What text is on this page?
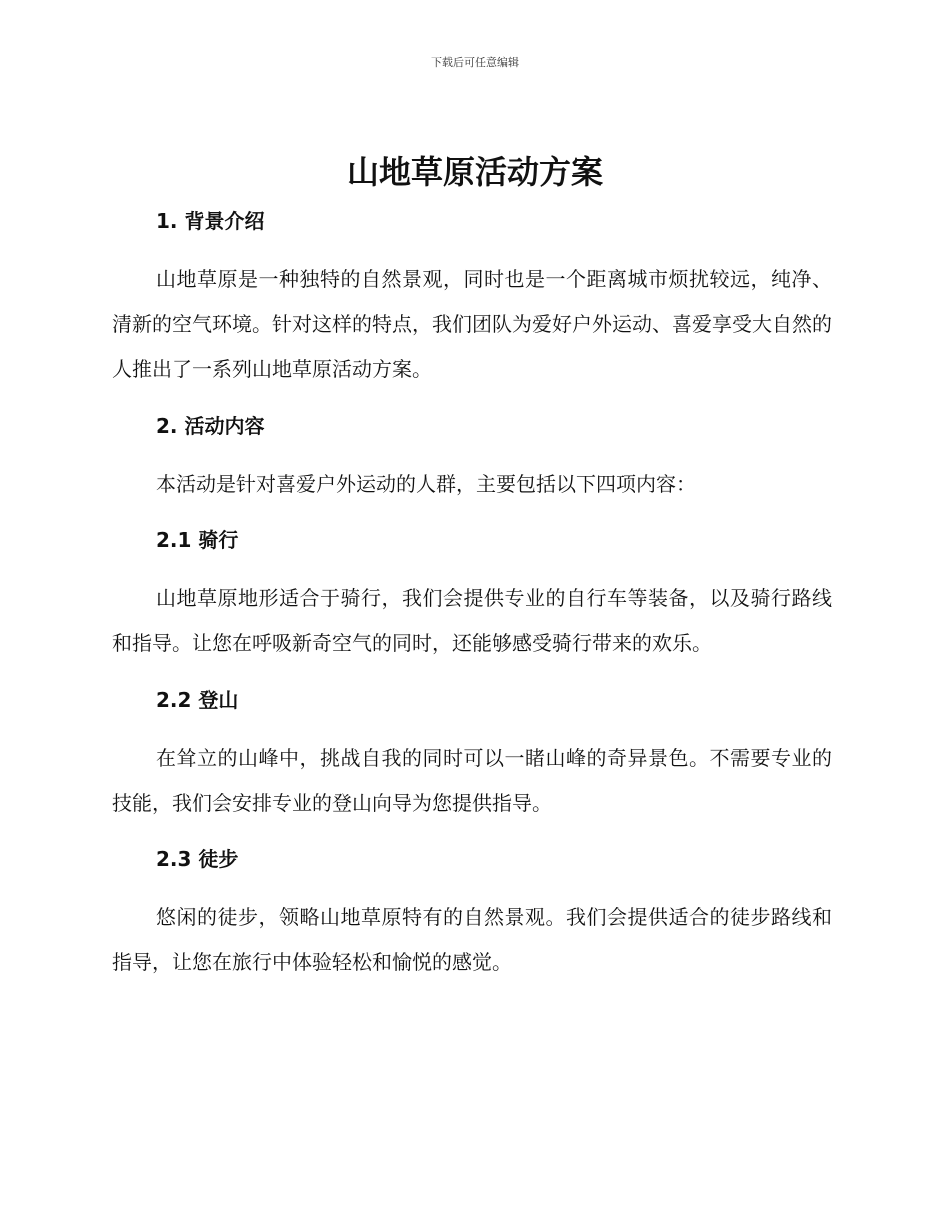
下载后可任意编辑
山地草原活动方案
1. 背景介绍

山地草原是一种独特的自然景观，同时也是一个距离城市烦扰较远，纯净、清新的空气环境。针对这样的特点，我们团队为爱好户外运动、喜爱享受大自然的人推出了一系列山地草原活动方案。

2. 活动内容

本活动是针对喜爱户外运动的人群，主要包括以下四项内容：

2.1 骑行

山地草原地形适合于骑行，我们会提供专业的自行车等装备，以及骑行路线和指导。让您在呼吸新奇空气的同时，还能够感受骑行带来的欢乐。

2.2 登山

在耸立的山峰中，挑战自我的同时可以一睹山峰的奇异景色。不需要专业的技能，我们会安排专业的登山向导为您提供指导。

2.3 徒步

悠闲的徒步，领略山地草原特有的自然景观。我们会提供适合的徒步路线和指导，让您在旅行中体验轻松和愉悦的感觉。
